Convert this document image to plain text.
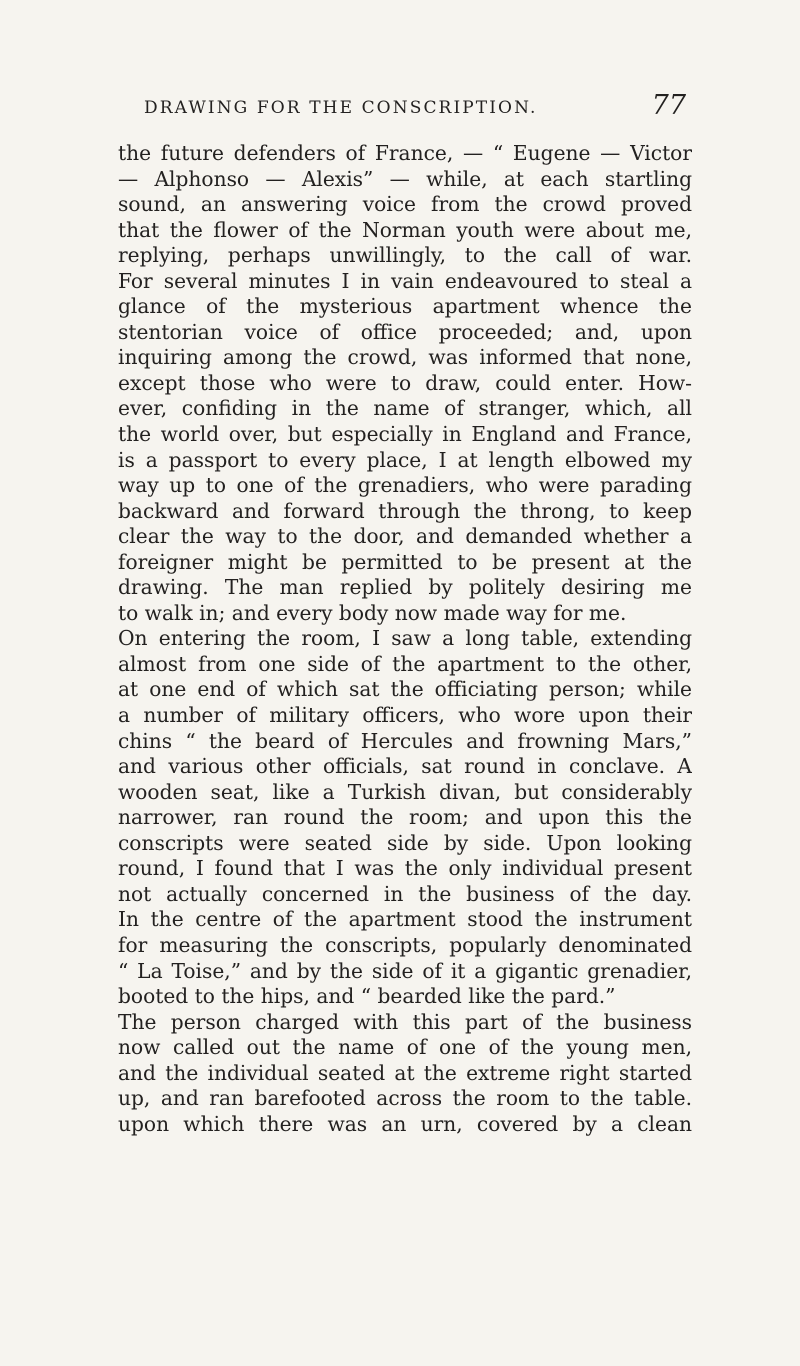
DRAWING FOR THE CONSCRIPTION.	77
the future defenders of France, — “ Eugene — Victor
— Alphonso — Alexis” — while, at each startling
sound, an answering voice from the crowd proved
that the flower of the Norman youth were about me,
replying, perhaps unwillingly, to the call of war.
For several minutes I in vain endeavoured to steal a
glance of the mysterious apartment whence the
stentorian voice of office proceeded; and, upon
inquiring among the crowd, was informed that none,
except those who were to draw, could enter. How-
ever, confiding in the name of stranger, which, all
the world over, but especially in England and France,
is a passport to every place, I at length elbowed my
way up to one of the grenadiers, who were parading
backward and forward through the throng, to keep
clear the way to the door, and demanded whether a
foreigner might be permitted to be present at the
drawing. The man replied by politely desiring me
to walk in; and every body now made way for me.
On entering the room, I saw a long table, extending
almost from one side of the apartment to the other,
at one end of which sat the officiating person; while
a number of military officers, who wore upon their
chins “ the beard of Hercules and frowning Mars,”
and various other officials, sat round in conclave. A
wooden seat, like a Turkish divan, but considerably
narrower, ran round the room; and upon this the
conscripts were seated side by side. Upon looking
round, I found that I was the only individual present
not actually concerned in the business of the day.
In the centre of the apartment stood the instrument
for measuring the conscripts, popularly denominated
“ La Toise,” and by the side of it a gigantic grenadier,
booted to the hips, and “ bearded like the pard.”
The person charged with this part of the business
now called out the name of one of the young men,
and the individual seated at the extreme right started
up, and ran barefooted across the room to the table.
upon which there was an urn, covered by a clean
